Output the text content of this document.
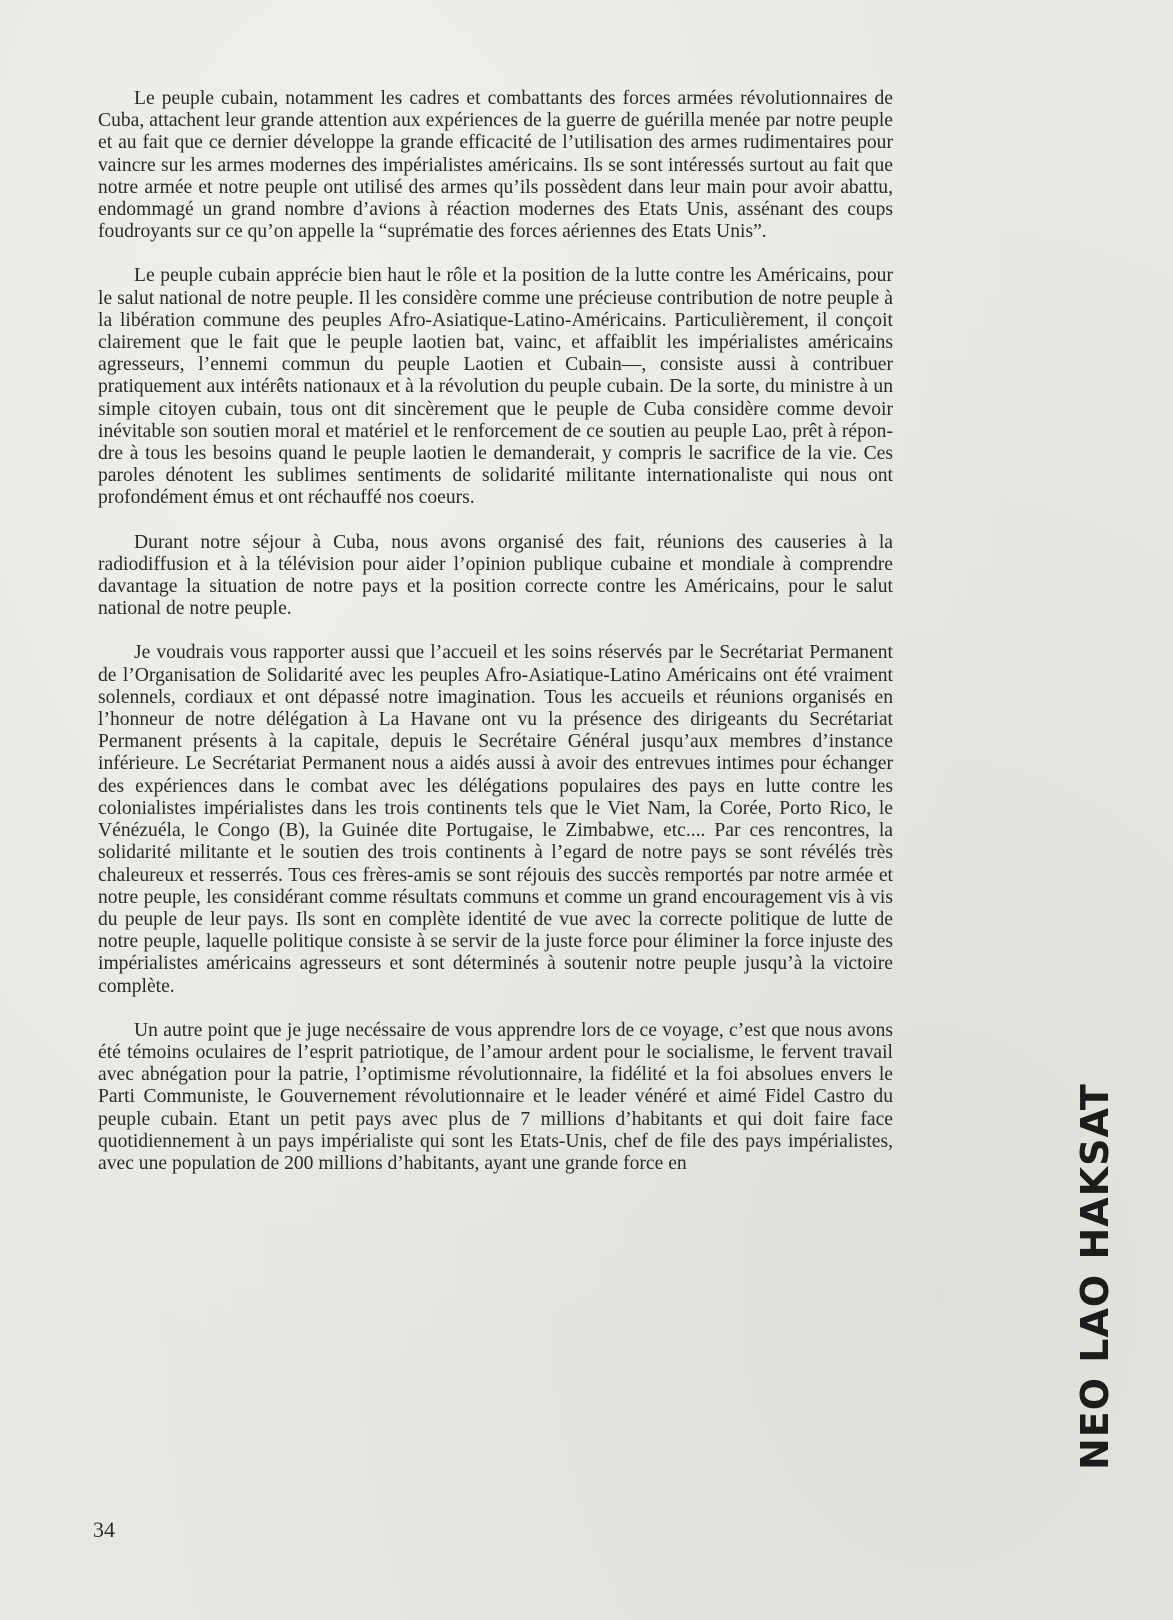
Le peuple cubain, notamment les cadres et combattants des forces armées révolutionnaires de Cuba, attachent leur grande attention aux expériences de la guerre de guérilla menée par notre peuple et au fait que ce dernier développe la grande efficacité de l’utilisation des armes rudimentaires pour vaincre sur les armes modernes des impérialistes américains. Ils se sont intéressés surtout au fait que notre armée et notre peuple ont utilisé des armes qu’ils possèdent dans leur main pour avoir abattu, endommagé un grand nombre d’avions à réaction modernes des Etats Unis, assénant des coups foudroyants sur ce qu’on appelle la “suprématie des forces aériennes des Etats Unis”.

Le peuple cubain apprécie bien haut le rôle et la position de la lutte contre les Américains, pour le salut national de notre peuple. Il les considère comme une précieuse contribution de notre peuple à la libération commune des peuples Afro-Asiatique-Latino-Américains. Particulièrement, il conçoit clairement que le fait que le peuple laotien bat, vainc, et affaiblit les impérialistes américains agresseurs, l’ennemi commun du peuple Laotien et Cubain—, consiste aussi à contribuer pratiquement aux intérêts nationaux et à la révolution du peuple cubain. De la sorte, du ministre à un simple citoyen cubain, tous ont dit sincèrement que le peuple de Cuba considère comme devoir inévitable son soutien moral et matériel et le renforcement de ce soutien au peuple Lao, prêt à répondre à tous les besoins quand le peuple laotien le demanderait, y compris le sacrifice de la vie. Ces paroles dénotent les sublimes sentiments de solidarité militante internationaliste qui nous ont profondément émus et ont réchauffé nos coeurs.

Durant notre séjour à Cuba, nous avons organisé des fait, réunions des causeries à la radiodiffusion et à la télévision pour aider l’opinion publique cubaine et mondiale à comprendre davantage la situation de notre pays et la position correcte contre les Américains, pour le salut national de notre peuple.

Je voudrais vous rapporter aussi que l’accueil et les soins réservés par le Secrétariat Permanent de l’Organisation de Solidarité avec les peuples Afro-Asiatique-Latino Américains ont été vraiment solennels, cordiaux et ont dépassé notre imagination. Tous les accueils et réunions organisés en l’honneur de notre délégation à La Havane ont vu la présence des dirigeants du Secrétariat Permanent présents à la capitale, depuis le Secrétaire Général jusqu’aux membres d’instance inférieure. Le Secrétariat Permanent nous a aidés aussi à avoir des entrevues intimes pour échanger des expériences dans le combat avec les délégations populaires des pays en lutte contre les colonialistes impérialistes dans les trois continents tels que le Viet Nam, la Corée, Porto Rico, le Vénézuéla, le Congo (B), la Guinée dite Portugaise, le Zimbabwe, etc.... Par ces rencontres, la solidarité militante et le soutien des trois continents à l’egard de notre pays se sont révélés très chaleureux et resserrés. Tous ces frères-amis se sont réjouis des succès remportés par notre armée et notre peuple, les considérant comme résultats communs et comme un grand encouragement vis à vis du peuple de leur pays. Ils sont en complète identité de vue avec la correcte politique de lutte de notre peuple, laquelle politique consiste à se servir de la juste force pour éliminer la force injuste des impérialistes américains agresseurs et sont déterminés à soutenir notre peuple jusqu’à la victoire complète.

Un autre point que je juge necéssaire de vous apprendre lors de ce voyage, c’est que nous avons été témoins oculaires de l’esprit patriotique, de l’amour ardent pour le socialisme, le fervent travail avec abnégation pour la patrie, l’optimisme révolutionnaire, la fidélité et la foi absolues envers le Parti Communiste, le Gouvernement révolutionnaire et le leader vénéré et aimé Fidel Castro du peuple cubain. Etant un petit pays avec plus de 7 millions d’habitants et qui doit faire face quotidiennement à un pays impérialiste qui sont les Etats-Unis, chef de file des pays impérialistes, avec une population de 200 millions d’habitants, ayant une grande force en

34
NEO LAO HAKSAT
